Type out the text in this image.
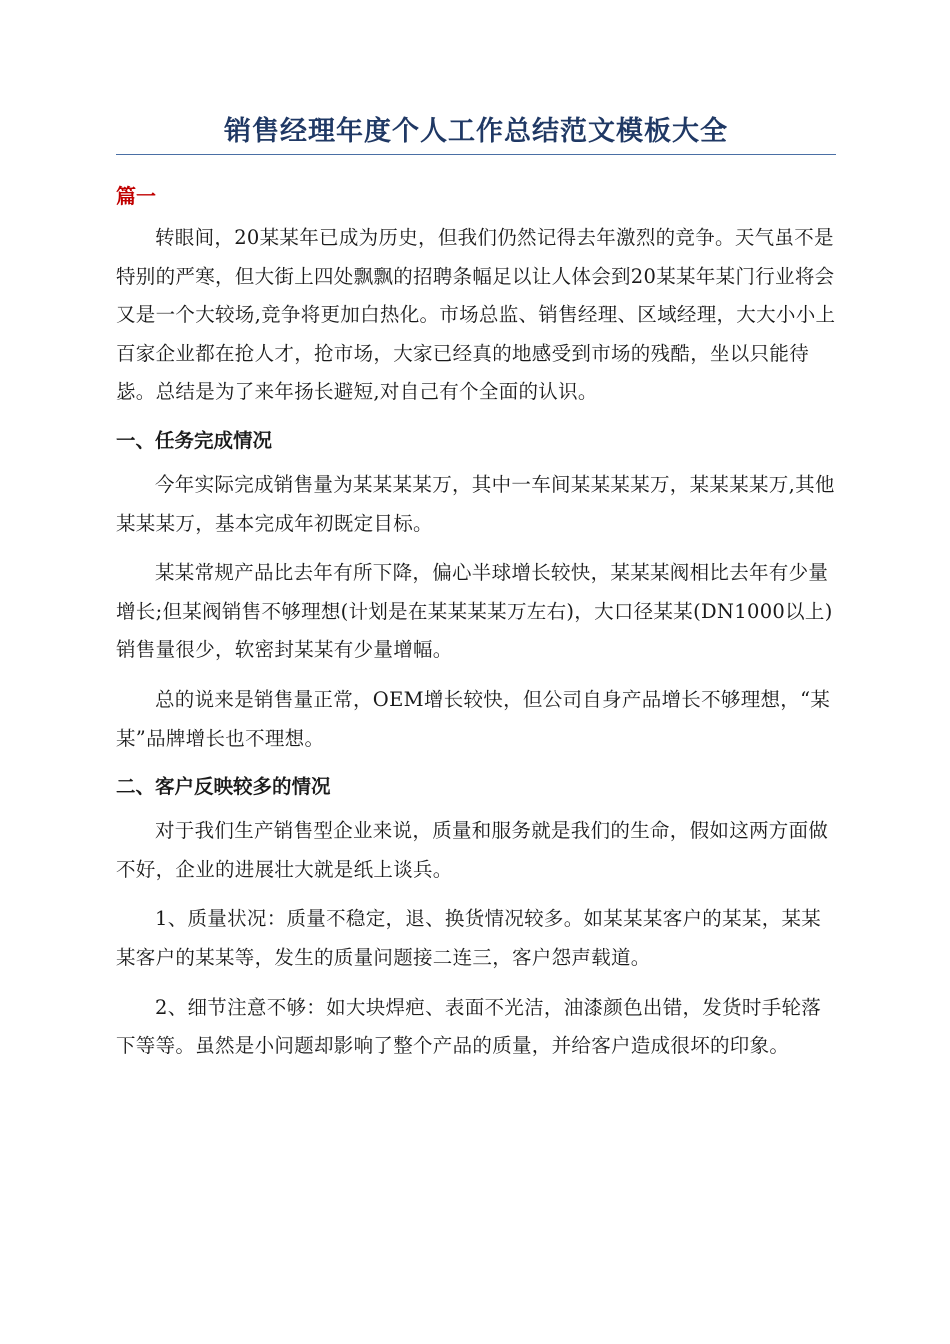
销售经理年度个人工作总结范文模板大全
篇一

转眼间，20某某年已成为历史，但我们仍然记得去年激烈的竞争。天气虽不是特别的严寒，但大街上四处飘飘的招聘条幅足以让人体会到20某某年某门行业将会又是一个大较场,竞争将更加白热化。市场总监、销售经理、区域经理，大大小小上百家企业都在抢人才，抢市场，大家已经真的地感受到市场的残酷，坐以只能待毖。总结是为了来年扬长避短,对自己有个全面的认识。

一、任务完成情况

今年实际完成销售量为某某某某万，其中一车间某某某某万，某某某某万,其他某某某万，基本完成年初既定目标。

某某常规产品比去年有所下降，偏心半球增长较快，某某某阀相比去年有少量增长;但某阀销售不够理想(计划是在某某某某万左右)，大口径某某(DN1000以上)销售量很少，软密封某某有少量增幅。

总的说来是销售量正常，OEM增长较快，但公司自身产品增长不够理想，“某某”品牌增长也不理想。

二、客户反映较多的情况

对于我们生产销售型企业来说，质量和服务就是我们的生命，假如这两方面做不好，企业的进展壮大就是纸上谈兵。

1、质量状况：质量不稳定，退、换货情况较多。如某某某客户的某某，某某某客户的某某等，发生的质量问题接二连三，客户怨声载道。

2、细节注意不够：如大块焊疤、表面不光洁，油漆颜色出错，发货时手轮落下等等。虽然是小问题却影响了整个产品的质量，并给客户造成很坏的印象。
